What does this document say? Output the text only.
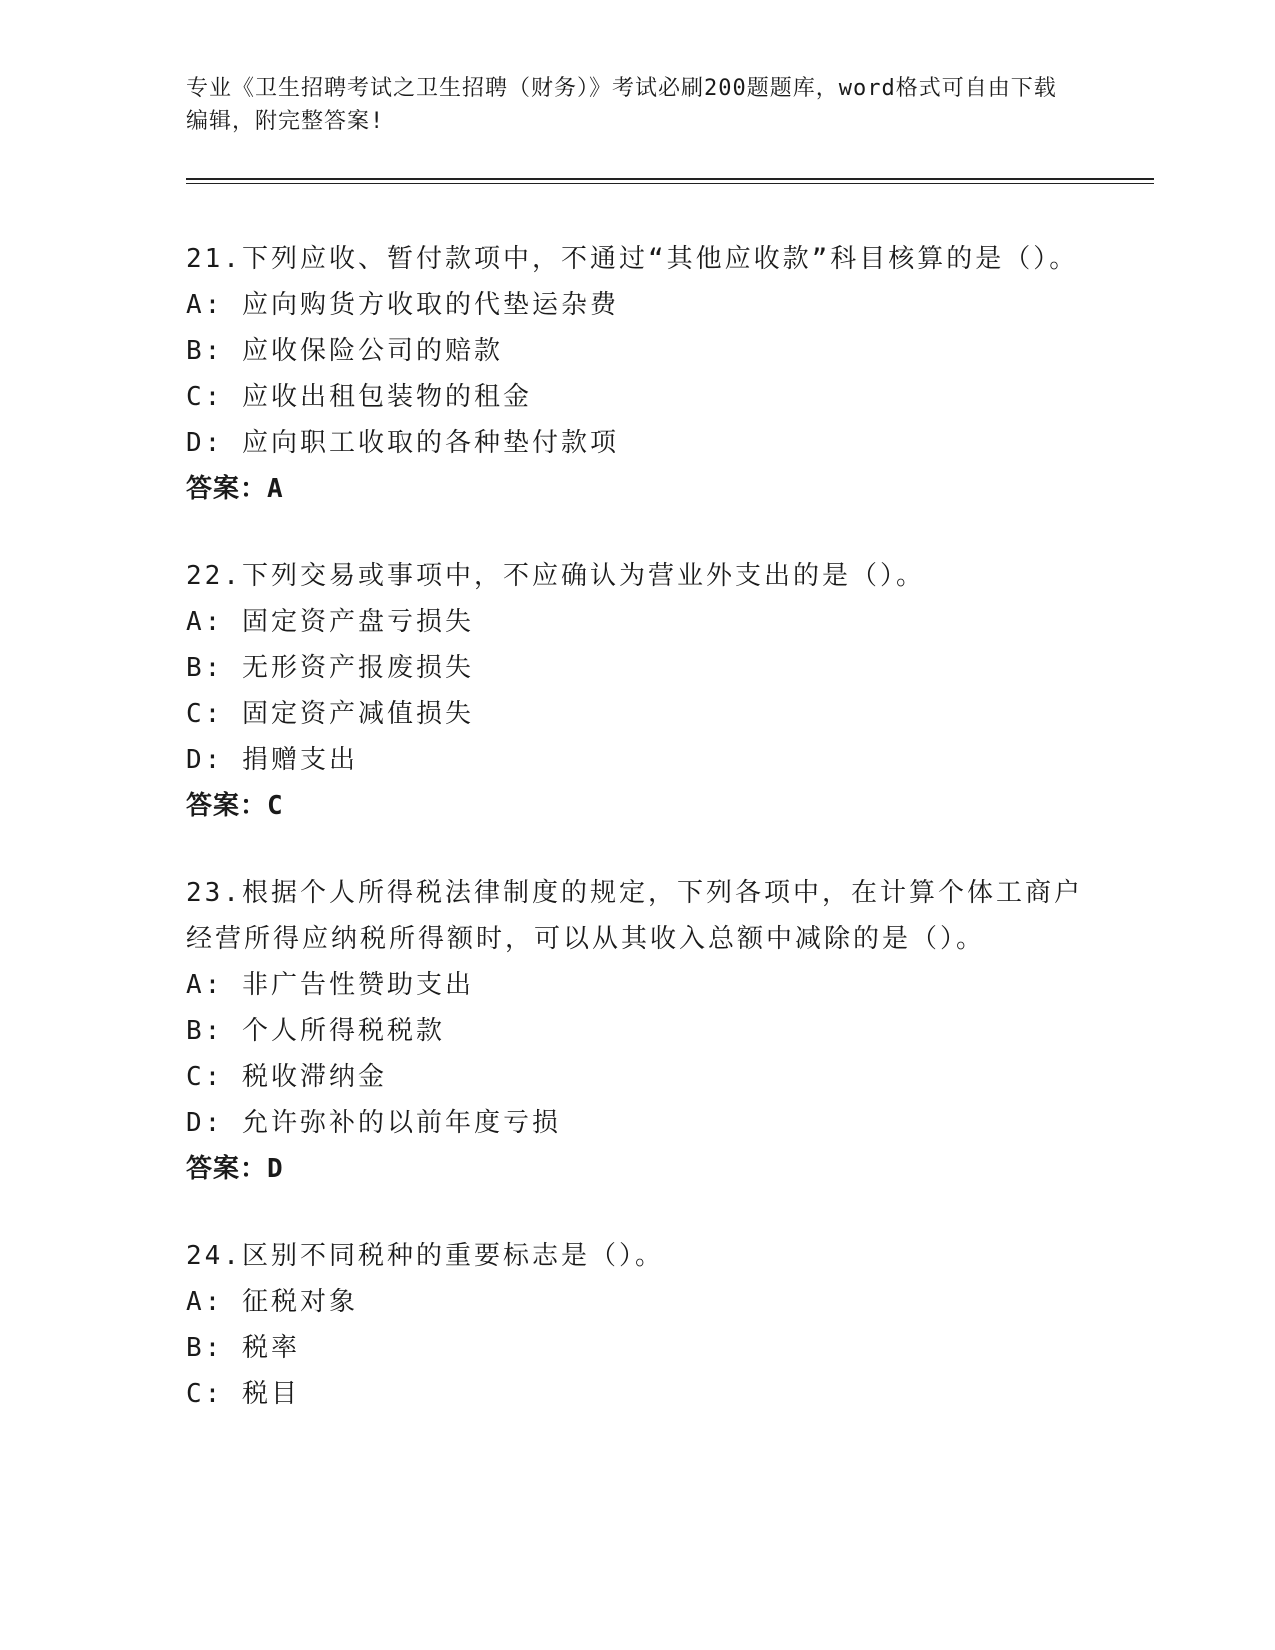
专业《卫生招聘考试之卫生招聘（财务）》考试必刷200题题库，word格式可自由下载编辑，附完整答案!
21.下列应收、暂付款项中，不通过“其他应收款”科目核算的是（）。
A: 应向购货方收取的代垫运杂费
B: 应收保险公司的赔款
C: 应收出租包装物的租金
D: 应向职工收取的各种垫付款项
答案：A
22.下列交易或事项中，不应确认为营业外支出的是（）。
A: 固定资产盘亏损失
B: 无形资产报废损失
C: 固定资产减值损失
D: 捐赠支出
答案：C
23.根据个人所得税法律制度的规定，下列各项中，在计算个体工商户经营所得应纳税所得额时，可以从其收入总额中减除的是（）。
A: 非广告性赞助支出
B: 个人所得税税款
C: 税收滞纳金
D: 允许弥补的以前年度亏损
答案：D
24.区别不同税种的重要标志是（）。
A: 征税对象
B: 税率
C: 税目
